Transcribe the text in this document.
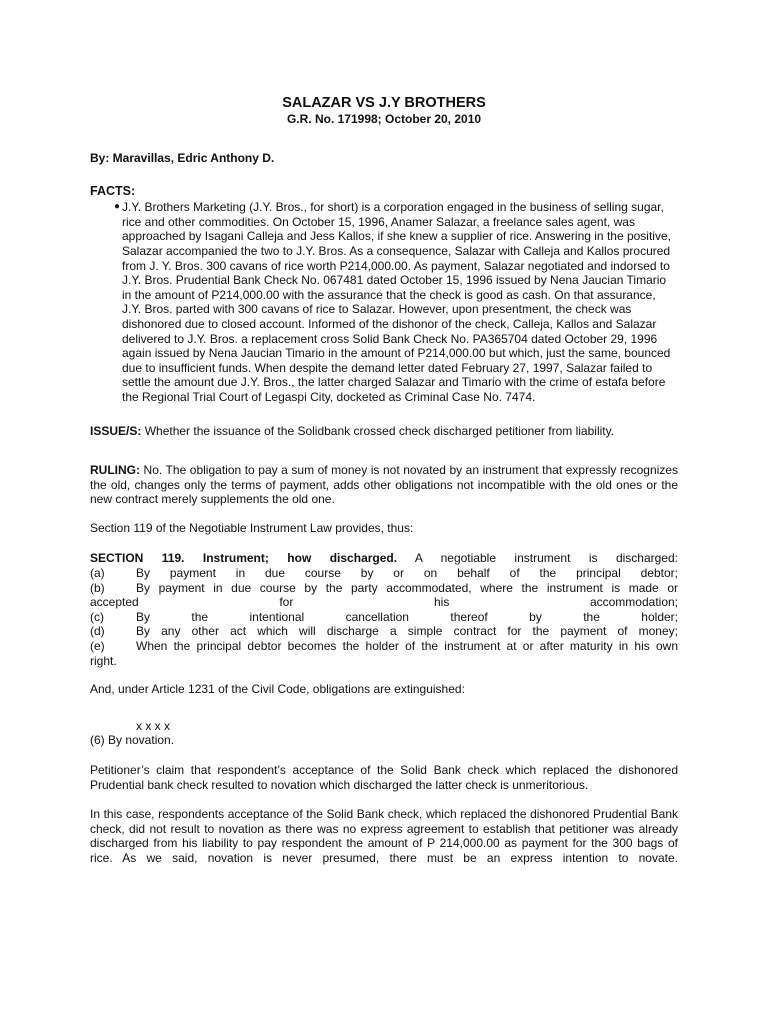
SALAZAR VS J.Y BROTHERS

G.R. No. 171998; October 20, 2010

By: Maravillas, Edric Anthony D.

FACTS:

● J.Y. Brothers Marketing (J.Y. Bros., for short) is a corporation engaged in the business of selling sugar, rice and other commodities. On October 15, 1996, Anamer Salazar, a freelance sales agent, was approached by Isagani Calleja and Jess Kallos, if she knew a supplier of rice. Answering in the positive, Salazar accompanied the two to J.Y. Bros. As a consequence, Salazar with Calleja and Kallos procured from J. Y. Bros. 300 cavans of rice worth P214,000.00. As payment, Salazar negotiated and indorsed to J.Y. Bros. Prudential Bank Check No. 067481 dated October 15, 1996 issued by Nena Jaucian Timario in the amount of P214,000.00 with the assurance that the check is good as cash. On that assurance, J.Y. Bros. parted with 300 cavans of rice to Salazar. However, upon presentment, the check was dishonored due to closed account. Informed of the dishonor of the check, Calleja, Kallos and Salazar delivered to J.Y. Bros. a replacement cross Solid Bank Check No. PA365704 dated October 29, 1996 again issued by Nena Jaucian Timario in the amount of P214,000.00 but which, just the same, bounced due to insufficient funds. When despite the demand letter dated February 27, 1997, Salazar failed to settle the amount due J.Y. Bros., the latter charged Salazar and Timario with the crime of estafa before the Regional Trial Court of Legaspi City, docketed as Criminal Case No. 7474.

ISSUE/S: Whether the issuance of the Solidbank crossed check discharged petitioner from liability.

RULING: No. The obligation to pay a sum of money is not novated by an instrument that expressly recognizes the old, changes only the terms of payment, adds other obligations not incompatible with the old ones or the new contract merely supplements the old one.

Section 119 of the Negotiable Instrument Law provides, thus:

SECTION 119. Instrument; how discharged. A negotiable instrument is discharged:

(a)	By payment in due course by or on behalf of the principal debtor;
(b)	By payment in due course by the party accommodated, where the instrument is made or
accepted for his accommodation;
(c)	By the intentional cancellation thereof by the holder;
(d)	By any other act which will discharge a simple contract for the payment of money;
(e)	When the principal debtor becomes the holder of the instrument at or after maturity in his own
right.

And, under Article 1231 of the Civil Code, obligations are extinguished:

x x x x

(6) By novation.

Petitioner’s claim that respondent’s acceptance of the Solid Bank check which replaced the dishonored Prudential bank check resulted to novation which discharged the latter check is unmeritorious.

In this case, respondents acceptance of the Solid Bank check, which replaced the dishonored Prudential Bank check, did not result to novation as there was no express agreement to establish that petitioner was already discharged from his liability to pay respondent the amount of P 214,000.00 as payment for the 300 bags of rice. As we said, novation is never presumed, there must be an express intention to novate.
